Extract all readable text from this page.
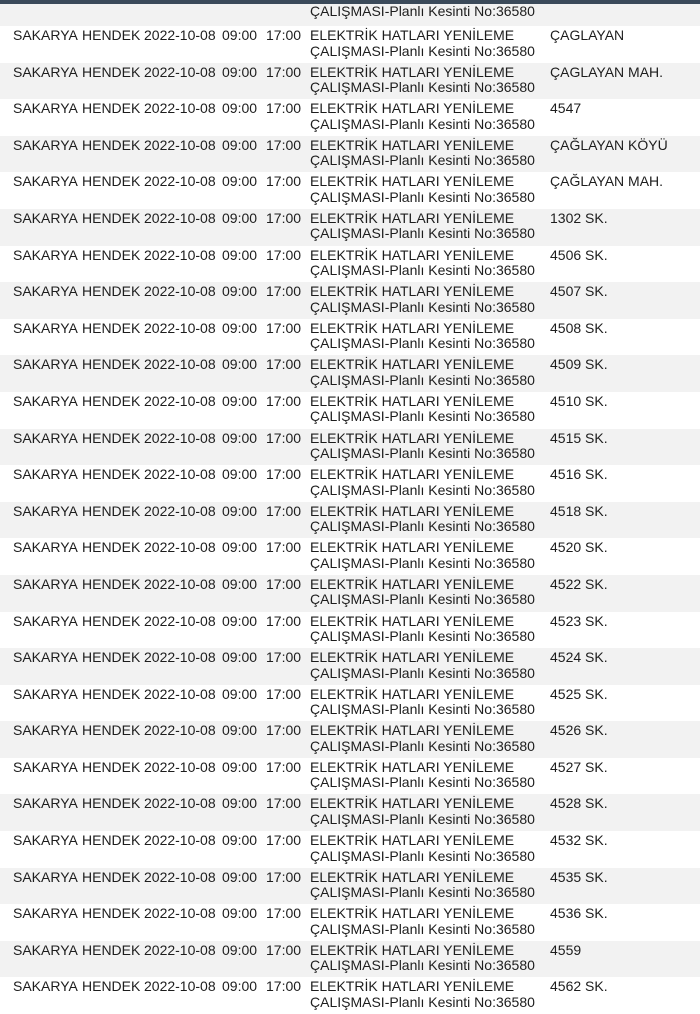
					ÇALIŞMASI-Planlı Kesinti No:36580	

SAKARYA	HENDEK	2022-10-08	09:00	17:00	ELEKTRİK HATLARI YENİLEME
ÇALIŞMASI-Planlı Kesinti No:36580	ÇAGLAYAN
SAKARYA	HENDEK	2022-10-08	09:00	17:00	ELEKTRİK HATLARI YENİLEME
ÇALIŞMASI-Planlı Kesinti No:36580	ÇAGLAYAN MAH.
SAKARYA	HENDEK	2022-10-08	09:00	17:00	ELEKTRİK HATLARI YENİLEME
ÇALIŞMASI-Planlı Kesinti No:36580	4547
SAKARYA	HENDEK	2022-10-08	09:00	17:00	ELEKTRİK HATLARI YENİLEME
ÇALIŞMASI-Planlı Kesinti No:36580	ÇAĞLAYAN KÖYÜ
SAKARYA	HENDEK	2022-10-08	09:00	17:00	ELEKTRİK HATLARI YENİLEME
ÇALIŞMASI-Planlı Kesinti No:36580	ÇAĞLAYAN MAH.
SAKARYA	HENDEK	2022-10-08	09:00	17:00	ELEKTRİK HATLARI YENİLEME
ÇALIŞMASI-Planlı Kesinti No:36580	1302 SK.
SAKARYA	HENDEK	2022-10-08	09:00	17:00	ELEKTRİK HATLARI YENİLEME
ÇALIŞMASI-Planlı Kesinti No:36580	4506 SK.
SAKARYA	HENDEK	2022-10-08	09:00	17:00	ELEKTRİK HATLARI YENİLEME
ÇALIŞMASI-Planlı Kesinti No:36580	4507 SK.
SAKARYA	HENDEK	2022-10-08	09:00	17:00	ELEKTRİK HATLARI YENİLEME
ÇALIŞMASI-Planlı Kesinti No:36580	4508 SK.
SAKARYA	HENDEK	2022-10-08	09:00	17:00	ELEKTRİK HATLARI YENİLEME
ÇALIŞMASI-Planlı Kesinti No:36580	4509 SK.
SAKARYA	HENDEK	2022-10-08	09:00	17:00	ELEKTRİK HATLARI YENİLEME
ÇALIŞMASI-Planlı Kesinti No:36580	4510 SK.
SAKARYA	HENDEK	2022-10-08	09:00	17:00	ELEKTRİK HATLARI YENİLEME
ÇALIŞMASI-Planlı Kesinti No:36580	4515 SK.
SAKARYA	HENDEK	2022-10-08	09:00	17:00	ELEKTRİK HATLARI YENİLEME
ÇALIŞMASI-Planlı Kesinti No:36580	4516 SK.
SAKARYA	HENDEK	2022-10-08	09:00	17:00	ELEKTRİK HATLARI YENİLEME
ÇALIŞMASI-Planlı Kesinti No:36580	4518 SK.
SAKARYA	HENDEK	2022-10-08	09:00	17:00	ELEKTRİK HATLARI YENİLEME
ÇALIŞMASI-Planlı Kesinti No:36580	4520 SK.
SAKARYA	HENDEK	2022-10-08	09:00	17:00	ELEKTRİK HATLARI YENİLEME
ÇALIŞMASI-Planlı Kesinti No:36580	4522 SK.
SAKARYA	HENDEK	2022-10-08	09:00	17:00	ELEKTRİK HATLARI YENİLEME
ÇALIŞMASI-Planlı Kesinti No:36580	4523 SK.
SAKARYA	HENDEK	2022-10-08	09:00	17:00	ELEKTRİK HATLARI YENİLEME
ÇALIŞMASI-Planlı Kesinti No:36580	4524 SK.
SAKARYA	HENDEK	2022-10-08	09:00	17:00	ELEKTRİK HATLARI YENİLEME
ÇALIŞMASI-Planlı Kesinti No:36580	4525 SK.
SAKARYA	HENDEK	2022-10-08	09:00	17:00	ELEKTRİK HATLARI YENİLEME
ÇALIŞMASI-Planlı Kesinti No:36580	4526 SK.
SAKARYA	HENDEK	2022-10-08	09:00	17:00	ELEKTRİK HATLARI YENİLEME
ÇALIŞMASI-Planlı Kesinti No:36580	4527 SK.
SAKARYA	HENDEK	2022-10-08	09:00	17:00	ELEKTRİK HATLARI YENİLEME
ÇALIŞMASI-Planlı Kesinti No:36580	4528 SK.
SAKARYA	HENDEK	2022-10-08	09:00	17:00	ELEKTRİK HATLARI YENİLEME
ÇALIŞMASI-Planlı Kesinti No:36580	4532 SK.
SAKARYA	HENDEK	2022-10-08	09:00	17:00	ELEKTRİK HATLARI YENİLEME
ÇALIŞMASI-Planlı Kesinti No:36580	4535 SK.
SAKARYA	HENDEK	2022-10-08	09:00	17:00	ELEKTRİK HATLARI YENİLEME
ÇALIŞMASI-Planlı Kesinti No:36580	4536 SK.
SAKARYA	HENDEK	2022-10-08	09:00	17:00	ELEKTRİK HATLARI YENİLEME
ÇALIŞMASI-Planlı Kesinti No:36580	4559
SAKARYA	HENDEK	2022-10-08	09:00	17:00	ELEKTRİK HATLARI YENİLEME
ÇALIŞMASI-Planlı Kesinti No:36580	4562 SK.
